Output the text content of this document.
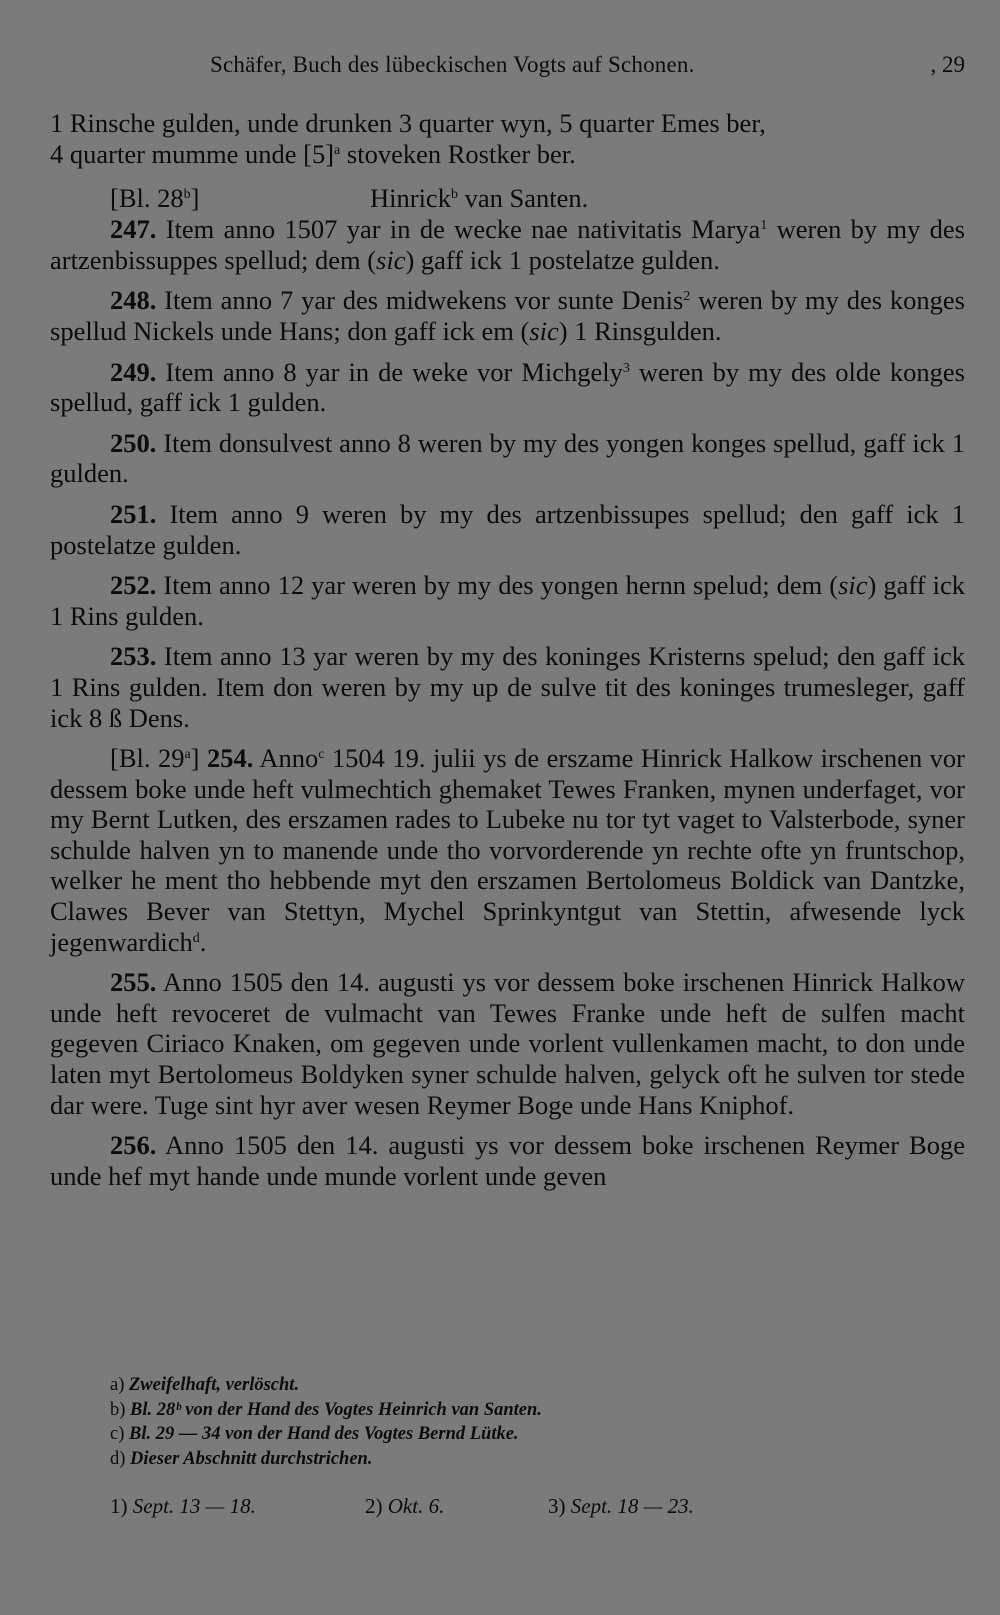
Schäfer, Buch des lübeckischen Vogts auf Schonen.	, 29

1 Rinsche gulden, unde drunken 3 quarter wyn, 5 quarter Emes ber,
4 quarter mumme unde $[5]^a$ stoveken Rostker ber.

[Bl. 28$^b$]	Hinrick$^b$ van Santen.

247. Item anno 1507 yar in de wecke nae nativitatis Marya$^1$ weren by my des artzenbissuppes spellud; dem (sic) gaff ick 1 postelatze gulden.

248. Item anno 7 yar des midwekens vor sunte Denis$^2$ weren by my des konges spellud Nickels unde Hans; don gaff ick em (sic) 1 Rinsgulden.

249. Item anno 8 yar in de weke vor Michgely$^3$ weren by my des olde konges spellud, gaff ick 1 gulden.

250. Item donsulvest anno 8 weren by my des yongen konges spellud, gaff ick 1 gulden.

251. Item anno 9 weren by my des artzenbissupes spellud; den gaff ick 1 postelatze gulden.

252. Item anno 12 yar weren by my des yongen hernn spelud; dem (sic) gaff ick 1 Rins gulden.

253. Item anno 13 yar weren by my des koninges Kristerns spelud; den gaff ick 1 Rins gulden. Item don weren by my up de sulve tit des koninges trumesleger, gaff ick 8 ß Dens.

[Bl. 29$^a$] 254. Anno$^c$ 1504 19. julii ys de erszame Hinrick Halkow irschenen vor dessem boke unde heft vulmechtich ghemaket Tewes Franken, mynen underfaget, vor my Bernt Lutken, des erszamen rades to Lubeke nu tor tyt vaget to Valsterbode, syner schulde halven yn to manende unde tho vorvorderende yn rechte ofte yn fruntschop, welker he ment tho hebbende myt den erszamen Bertolomeus Boldick van Dantzke, Clawes Bever van Stettyn, Mychel Sprinkyntgut van Stettin, afwesende lyck jegenwardich$^d$.

255. Anno 1505 den 14. augusti ys vor dessem boke irschenen Hinrick Halkow unde heft revoceret de vulmacht van Tewes Franke unde heft de sulfen macht gegeven Ciriaco Knaken, om gegeven unde vorlent vullenkamen macht, to don unde laten myt Bertolomeus Boldyken syner schulde halven, gelyck oft he sulven tor stede dar were. Tuge sint hyr aver wesen Reymer Boge unde Hans Kniphof.

256. Anno 1505 den 14. augusti ys vor dessem boke irschenen Reymer Boge unde hef myt hande unde munde vorlent unde geven

a) Zweifelhaft, verlöscht.
b) Bl. 28ᵇ von der Hand des Vogtes Heinrich van Santen.
c) Bl. 29 — 34 von der Hand des Vogtes Bernd Lütke.
d) Dieser Abschnitt durchstrichen.
1) Sept. 13 — 18.	2) Okt. 6.	3) Sept. 18 — 23.
